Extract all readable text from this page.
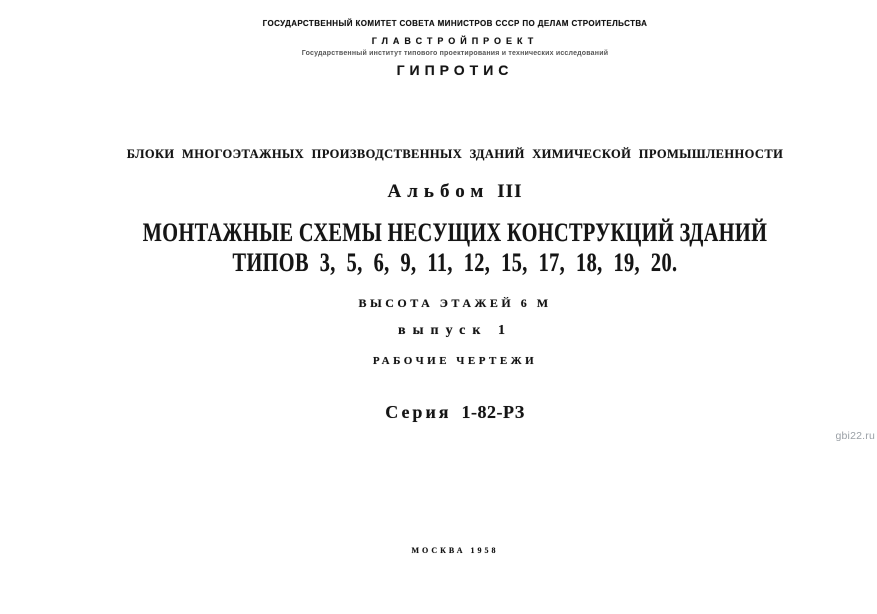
ГОСУДАРСТВЕННЫЙ КОМИТЕТ СОВЕТА МИНИСТРОВ СССР ПО ДЕЛАМ СТРОИТЕЛЬСТВА
ГЛАВСТРОЙПРОЕКТ
Государственный институт типового проектирования и технических исследований
ГИПРОТИС
БЛОКИ МНОГОЭТАЖНЫХ ПРОИЗВОДСТВЕННЫХ ЗДАНИЙ ХИМИЧЕСКОЙ ПРОМЫШЛЕННОСТИ
Альбом III
МОНТАЖНЫЕ СХЕМЫ НЕСУЩИХ КОНСТРУКЦИЙ ЗДАНИЙ
ТИПОВ 3, 5, 6, 9, 11, 12, 15, 17, 18, 19, 20.
ВЫСОТА ЭТАЖЕЙ 6 М
выпуск 1
РАБОЧИЕ ЧЕРТЕЖИ
Серия 1-82-РЗ
gbi22.ru
МОСКВА 1958
